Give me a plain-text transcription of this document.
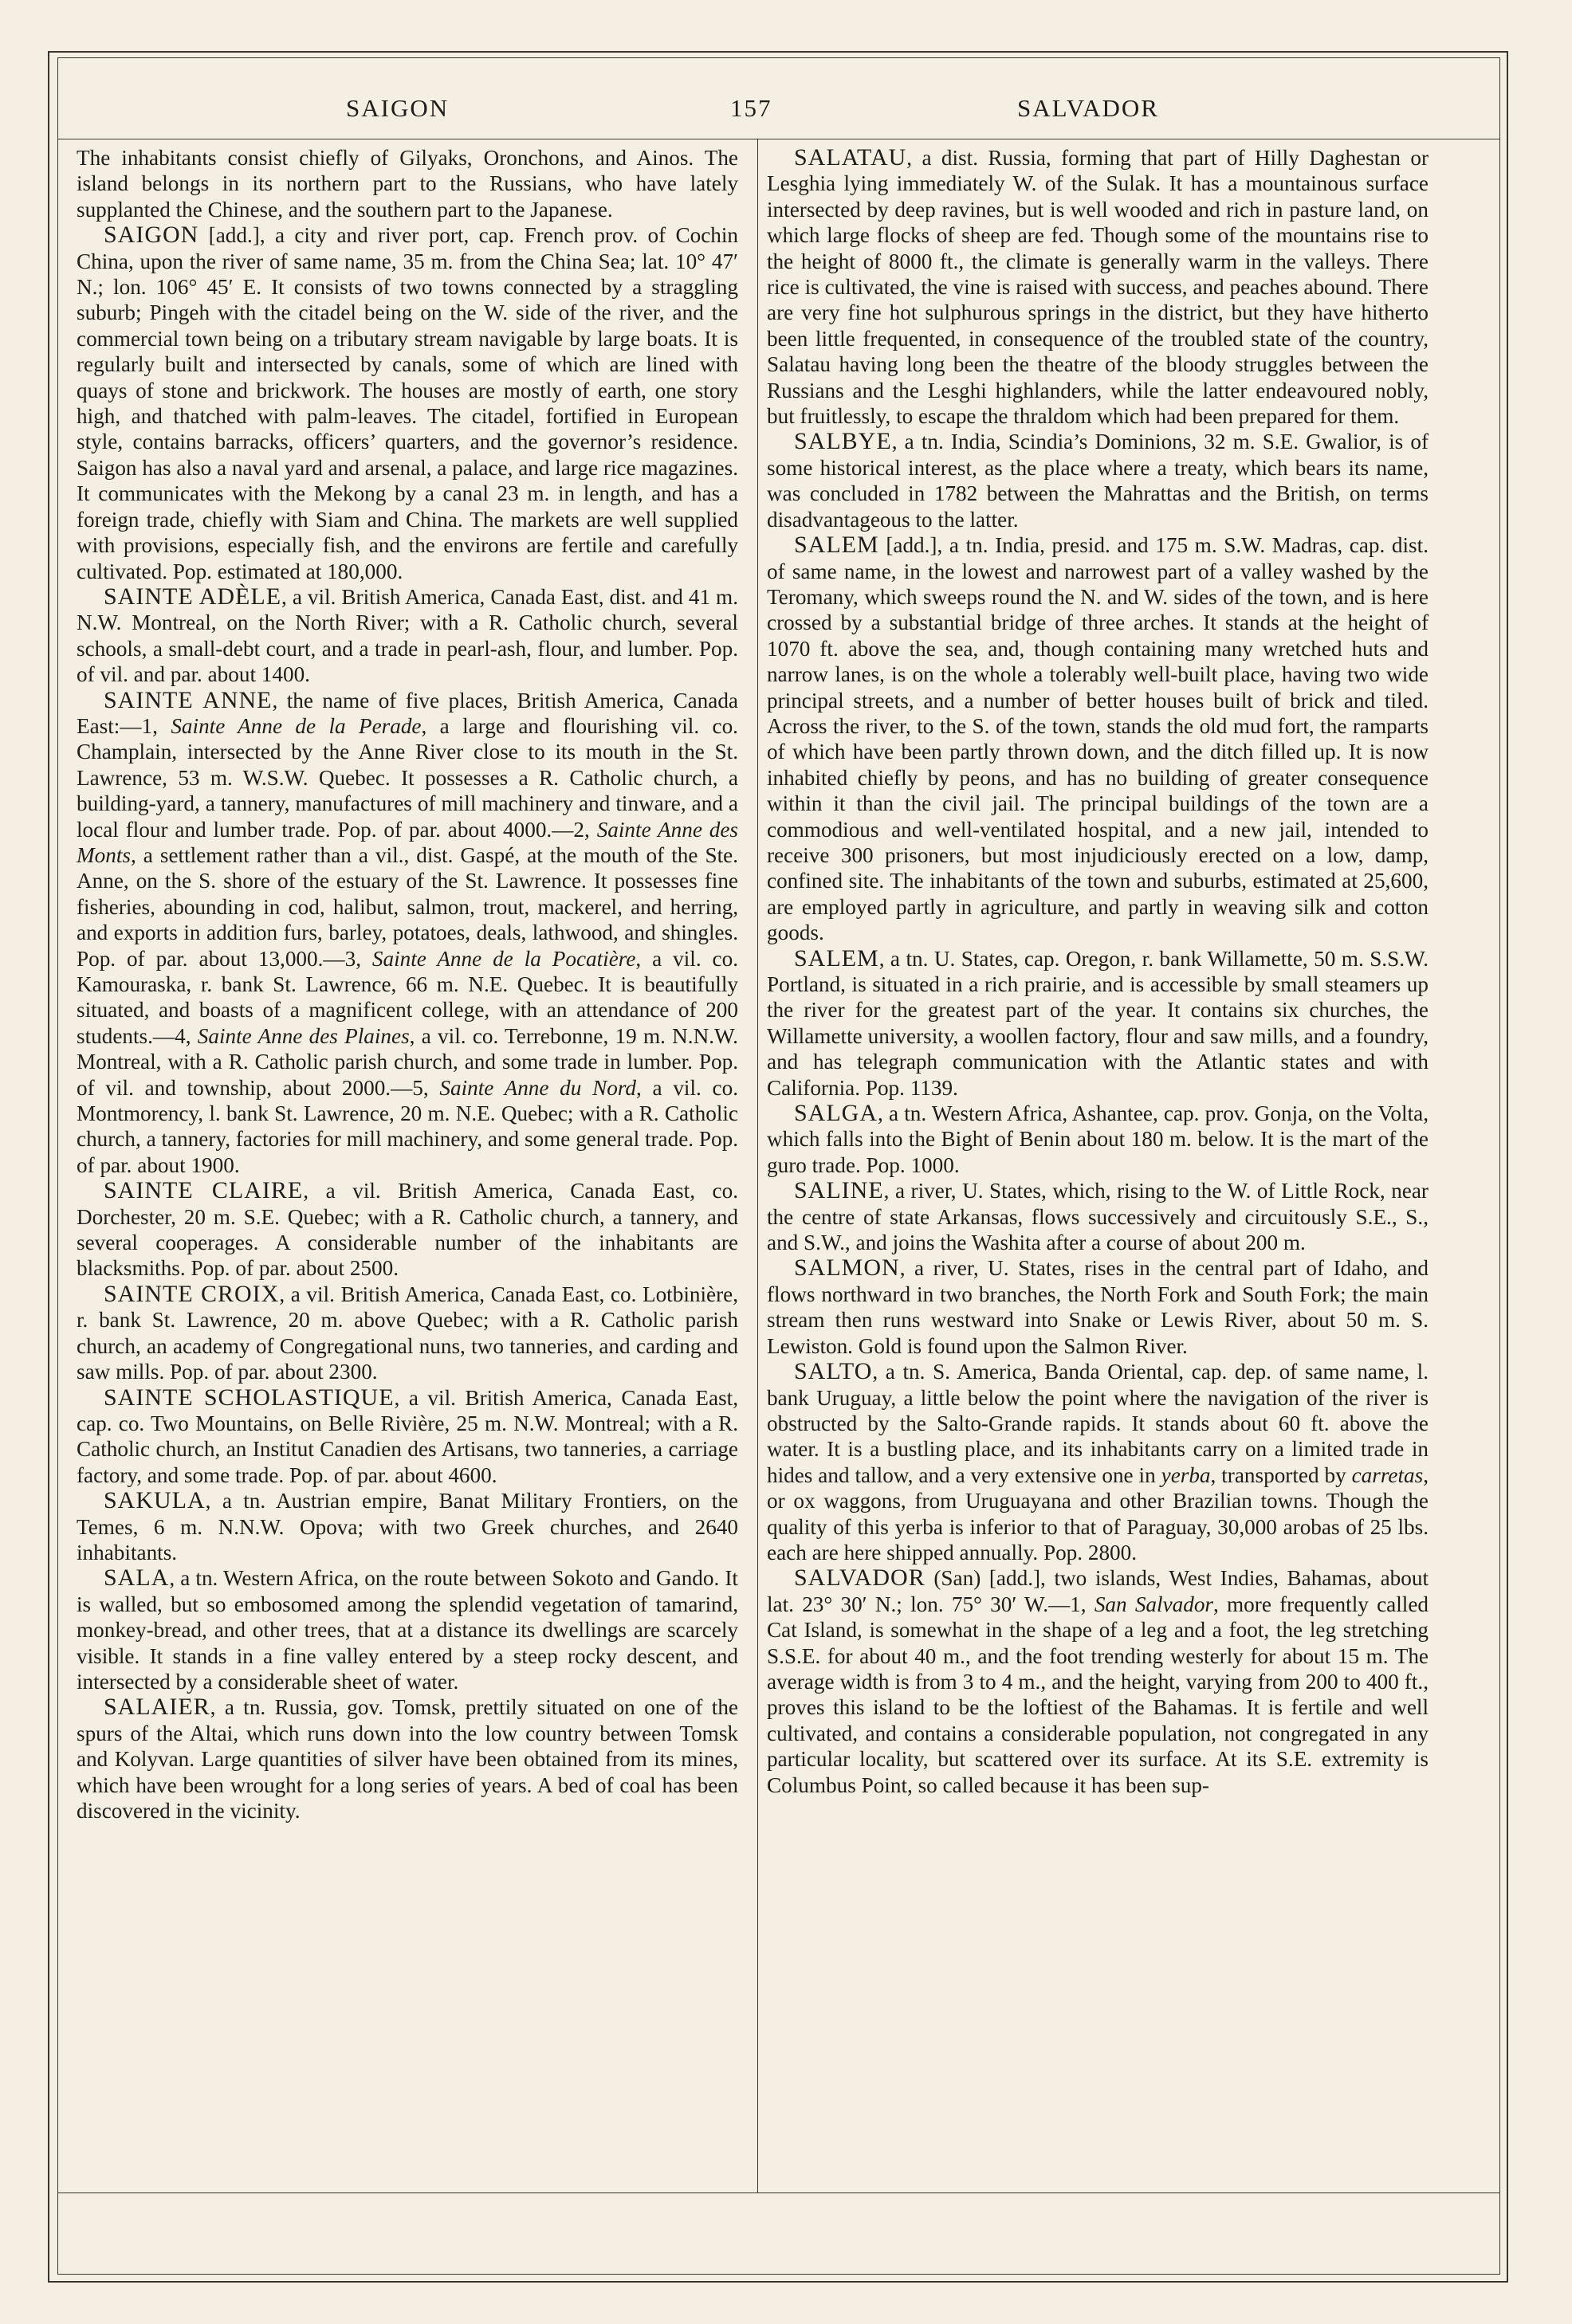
SAIGON	157	SALVADOR

The inhabitants consist chiefly of Gilyaks, Oronchons, and Ainos. The island belongs in its northern part to the Russians, who have lately supplanted the Chinese, and the southern part to the Japanese.

SAIGON [add.], a city and river port, cap. French prov. of Cochin China, upon the river of same name, 35 m. from the China Sea; lat. 10° 47′ N.; lon. 106° 45′ E. It consists of two towns connected by a straggling suburb; Pingeh with the citadel being on the W. side of the river, and the commercial town being on a tributary stream navigable by large boats. It is regularly built and intersected by canals, some of which are lined with quays of stone and brickwork. The houses are mostly of earth, one story high, and thatched with palm-leaves. The citadel, fortified in European style, contains barracks, officers’ quarters, and the governor’s residence. Saigon has also a naval yard and arsenal, a palace, and large rice magazines. It communicates with the Mekong by a canal 23 m. in length, and has a foreign trade, chiefly with Siam and China. The markets are well supplied with provisions, especially fish, and the environs are fertile and carefully cultivated. Pop. estimated at 180,000.

SAINTE ADÈLE, a vil. British America, Canada East, dist. and 41 m. N.W. Montreal, on the North River; with a R. Catholic church, several schools, a small-debt court, and a trade in pearl-ash, flour, and lumber. Pop. of vil. and par. about 1400.

SAINTE ANNE, the name of five places, British America, Canada East:—1, Sainte Anne de la Perade, a large and flourishing vil. co. Champlain, intersected by the Anne River close to its mouth in the St. Lawrence, 53 m. W.S.W. Quebec. It possesses a R. Catholic church, a building-yard, a tannery, manufactures of mill machinery and tinware, and a local flour and lumber trade. Pop. of par. about 4000.—2, Sainte Anne des Monts, a settlement rather than a vil., dist. Gaspé, at the mouth of the Ste. Anne, on the S. shore of the estuary of the St. Lawrence. It possesses fine fisheries, abounding in cod, halibut, salmon, trout, mackerel, and herring, and exports in addition furs, barley, potatoes, deals, lathwood, and shingles. Pop. of par. about 13,000.—3, Sainte Anne de la Pocatière, a vil. co. Kamouraska, r. bank St. Lawrence, 66 m. N.E. Quebec. It is beautifully situated, and boasts of a magnificent college, with an attendance of 200 students.—4, Sainte Anne des Plaines, a vil. co. Terrebonne, 19 m. N.N.W. Montreal, with a R. Catholic parish church, and some trade in lumber. Pop. of vil. and township, about 2000.—5, Sainte Anne du Nord, a vil. co. Montmorency, l. bank St. Lawrence, 20 m. N.E. Quebec; with a R. Catholic church, a tannery, factories for mill machinery, and some general trade. Pop. of par. about 1900.

SAINTE CLAIRE, a vil. British America, Canada East, co. Dorchester, 20 m. S.E. Quebec; with a R. Catholic church, a tannery, and several cooperages. A considerable number of the inhabitants are blacksmiths. Pop. of par. about 2500.

SAINTE CROIX, a vil. British America, Canada East, co. Lotbinière, r. bank St. Lawrence, 20 m. above Quebec; with a R. Catholic parish church, an academy of Congregational nuns, two tanneries, and carding and saw mills. Pop. of par. about 2300.

SAINTE SCHOLASTIQUE, a vil. British America, Canada East, cap. co. Two Mountains, on Belle Rivière, 25 m. N.W. Montreal; with a R. Catholic church, an Institut Canadien des Artisans, two tanneries, a carriage factory, and some trade. Pop. of par. about 4600.

SAKULA, a tn. Austrian empire, Banat Military Frontiers, on the Temes, 6 m. N.N.W. Opova; with two Greek churches, and 2640 inhabitants.

SALA, a tn. Western Africa, on the route between Sokoto and Gando. It is walled, but so embosomed among the splendid vegetation of tamarind, monkey-bread, and other trees, that at a distance its dwellings are scarcely visible. It stands in a fine valley entered by a steep rocky descent, and intersected by a considerable sheet of water.

SALAIER, a tn. Russia, gov. Tomsk, prettily situated on one of the spurs of the Altai, which runs down into the low country between Tomsk and Kolyvan. Large quantities of silver have been obtained from its mines, which have been wrought for a long series of years. A bed of coal has been discovered in the vicinity.

SALATAU, a dist. Russia, forming that part of Hilly Daghestan or Lesghia lying immediately W. of the Sulak. It has a mountainous surface intersected by deep ravines, but is well wooded and rich in pasture land, on which large flocks of sheep are fed. Though some of the mountains rise to the height of 8000 ft., the climate is generally warm in the valleys. There rice is cultivated, the vine is raised with success, and peaches abound. There are very fine hot sulphurous springs in the district, but they have hitherto been little frequented, in consequence of the troubled state of the country, Salatau having long been the theatre of the bloody struggles between the Russians and the Lesghi highlanders, while the latter endeavoured nobly, but fruitlessly, to escape the thraldom which had been prepared for them.

SALBYE, a tn. India, Scindia’s Dominions, 32 m. S.E. Gwalior, is of some historical interest, as the place where a treaty, which bears its name, was concluded in 1782 between the Mahrattas and the British, on terms disadvantageous to the latter.

SALEM [add.], a tn. India, presid. and 175 m. S.W. Madras, cap. dist. of same name, in the lowest and narrowest part of a valley washed by the Teromany, which sweeps round the N. and W. sides of the town, and is here crossed by a substantial bridge of three arches. It stands at the height of 1070 ft. above the sea, and, though containing many wretched huts and narrow lanes, is on the whole a tolerably well-built place, having two wide principal streets, and a number of better houses built of brick and tiled. Across the river, to the S. of the town, stands the old mud fort, the ramparts of which have been partly thrown down, and the ditch filled up. It is now inhabited chiefly by peons, and has no building of greater consequence within it than the civil jail. The principal buildings of the town are a commodious and well-ventilated hospital, and a new jail, intended to receive 300 prisoners, but most injudiciously erected on a low, damp, confined site. The inhabitants of the town and suburbs, estimated at 25,600, are employed partly in agriculture, and partly in weaving silk and cotton goods.

SALEM, a tn. U. States, cap. Oregon, r. bank Willamette, 50 m. S.S.W. Portland, is situated in a rich prairie, and is accessible by small steamers up the river for the greatest part of the year. It contains six churches, the Willamette university, a woollen factory, flour and saw mills, and a foundry, and has telegraph communication with the Atlantic states and with California. Pop. 1139.

SALGA, a tn. Western Africa, Ashantee, cap. prov. Gonja, on the Volta, which falls into the Bight of Benin about 180 m. below. It is the mart of the guro trade. Pop. 1000.

SALINE, a river, U. States, which, rising to the W. of Little Rock, near the centre of state Arkansas, flows successively and circuitously S.E., S., and S.W., and joins the Washita after a course of about 200 m.

SALMON, a river, U. States, rises in the central part of Idaho, and flows northward in two branches, the North Fork and South Fork; the main stream then runs westward into Snake or Lewis River, about 50 m. S. Lewiston. Gold is found upon the Salmon River.

SALTO, a tn. S. America, Banda Oriental, cap. dep. of same name, l. bank Uruguay, a little below the point where the navigation of the river is obstructed by the Salto-Grande rapids. It stands about 60 ft. above the water. It is a bustling place, and its inhabitants carry on a limited trade in hides and tallow, and a very extensive one in yerba, transported by carretas, or ox waggons, from Uruguayana and other Brazilian towns. Though the quality of this yerba is inferior to that of Paraguay, 30,000 arobas of 25 lbs. each are here shipped annually. Pop. 2800.

SALVADOR (San) [add.], two islands, West Indies, Bahamas, about lat. 23° 30′ N.; lon. 75° 30′ W.—1, San Salvador, more frequently called Cat Island, is somewhat in the shape of a leg and a foot, the leg stretching S.S.E. for about 40 m., and the foot trending westerly for about 15 m. The average width is from 3 to 4 m., and the height, varying from 200 to 400 ft., proves this island to be the loftiest of the Bahamas. It is fertile and well cultivated, and contains a considerable population, not congregated in any particular locality, but scattered over its surface. At its S.E. extremity is Columbus Point, so called because it has been sup-
